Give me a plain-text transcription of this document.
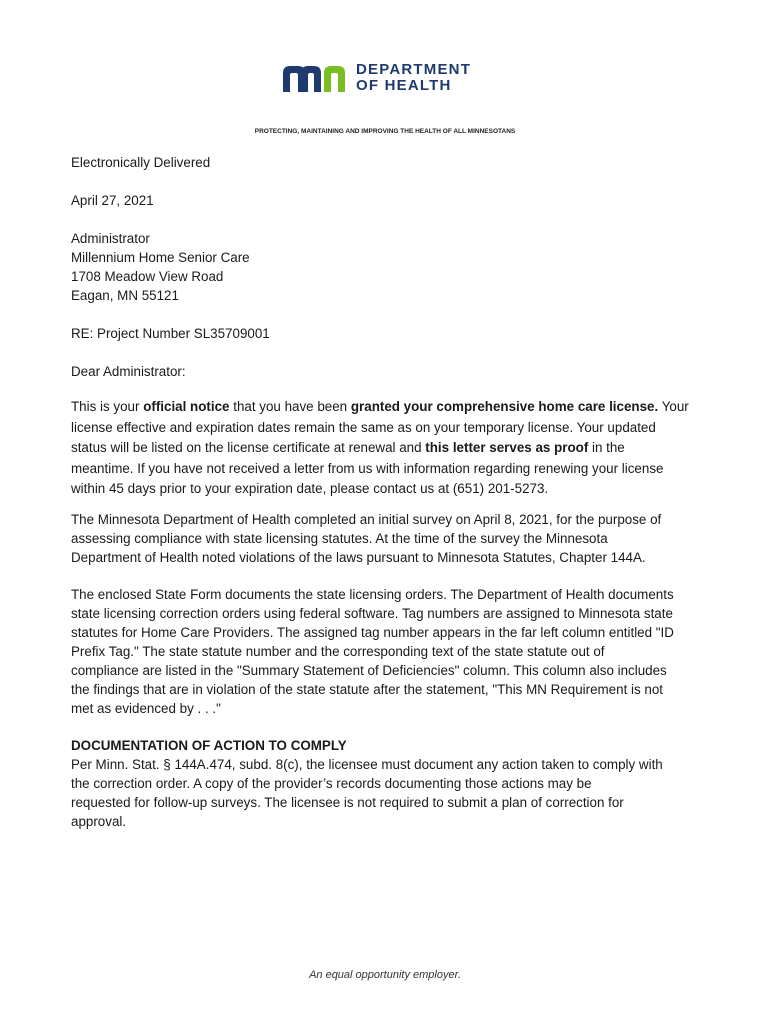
DEPARTMENT
OF HEALTH
PROTECTING, MAINTAINING AND IMPROVING THE HEALTH OF ALL MINNESOTANS
Electronically Delivered
April 27, 2021
Administrator
Millennium Home Senior Care
1708 Meadow View Road
Eagan, MN 55121
RE: Project Number SL35709001
Dear Administrator:
This is your official notice that you have been granted your comprehensive home care license. Your
license effective and expiration dates remain the same as on your temporary license. Your updated
status will be listed on the license certificate at renewal and this letter serves as proof in the
meantime. If you have not received a letter from us with information regarding renewing your license
within 45 days prior to your expiration date, please contact us at (651) 201-5273.
The Minnesota Department of Health completed an initial survey on April 8, 2021, for the purpose of
assessing compliance with state licensing statutes. At the time of the survey the Minnesota
Department of Health noted violations of the laws pursuant to Minnesota Statutes, Chapter 144A.
The enclosed State Form documents the state licensing orders. The Department of Health documents
state licensing correction orders using federal software. Tag numbers are assigned to Minnesota state
statutes for Home Care Providers. The assigned tag number appears in the far left column entitled "ID
Prefix Tag." The state statute number and the corresponding text of the state statute out of
compliance are listed in the "Summary Statement of Deficiencies" column. This column also includes
the findings that are in violation of the state statute after the statement, "This MN Requirement is not
met as evidenced by . . ."
DOCUMENTATION OF ACTION TO COMPLY
Per Minn. Stat. § 144A.474, subd. 8(c), the licensee must document any action taken to comply with
the correction order. A copy of the provider’s records documenting those actions may be
requested for follow-up surveys. The licensee is not required to submit a plan of correction for
approval.
An equal opportunity employer.
